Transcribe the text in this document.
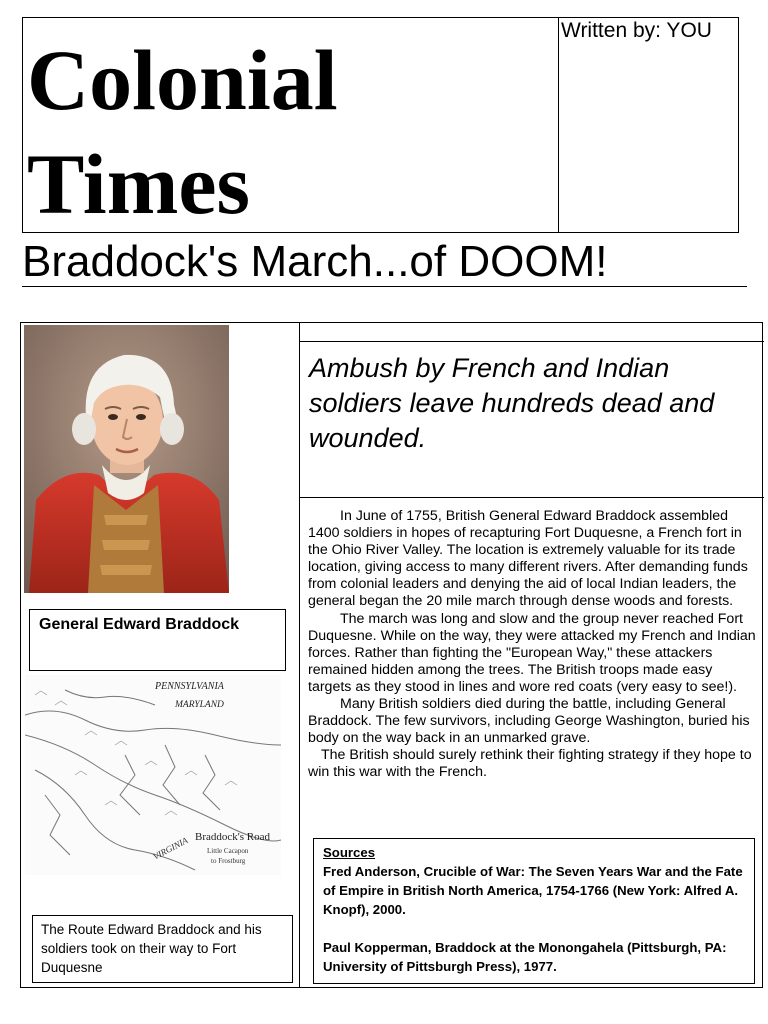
Colonial
Times
Written by: YOU
Braddock's March...of DOOM!
General Edward Braddock
PENNSYLVANIA
MARYLAND
VIRGINIA Braddock's Road
Little Cacapon
to Frostburg
The Route Edward Braddock and his soldiers took on their way to Fort Duquesne
Ambush by French and Indian soldiers leave hundreds dead and wounded.

In June of 1755, British General Edward Braddock assembled 1400 soldiers in hopes of recapturing Fort Duquesne, a French fort in the Ohio River Valley. The location is extremely valuable for its trade location, giving access to many different rivers. After demanding funds from colonial leaders and denying the aid of local Indian leaders, the general began the 20 mile march through dense woods and forests.

The march was long and slow and the group never reached Fort Duquesne. While on the way, they were attacked my French and Indian forces. Rather than fighting the "European Way," these attackers remained hidden among the trees. The British troops made easy targets as they stood in lines and wore red coats (very easy to see!).

Many British soldiers died during the battle, including General Braddock. The few survivors, including George Washington, buried his body on the way back in an unmarked grave.

The British should surely rethink their fighting strategy if they hope to win this war with the French.

Sources
Fred Anderson, Crucible of War: The Seven Years War and the Fate of Empire in British North America, 1754-1766 (New York: Alfred A. Knopf), 2000.
Paul Kopperman, Braddock at the Monongahela (Pittsburgh, PA: University of Pittsburgh Press), 1977.
